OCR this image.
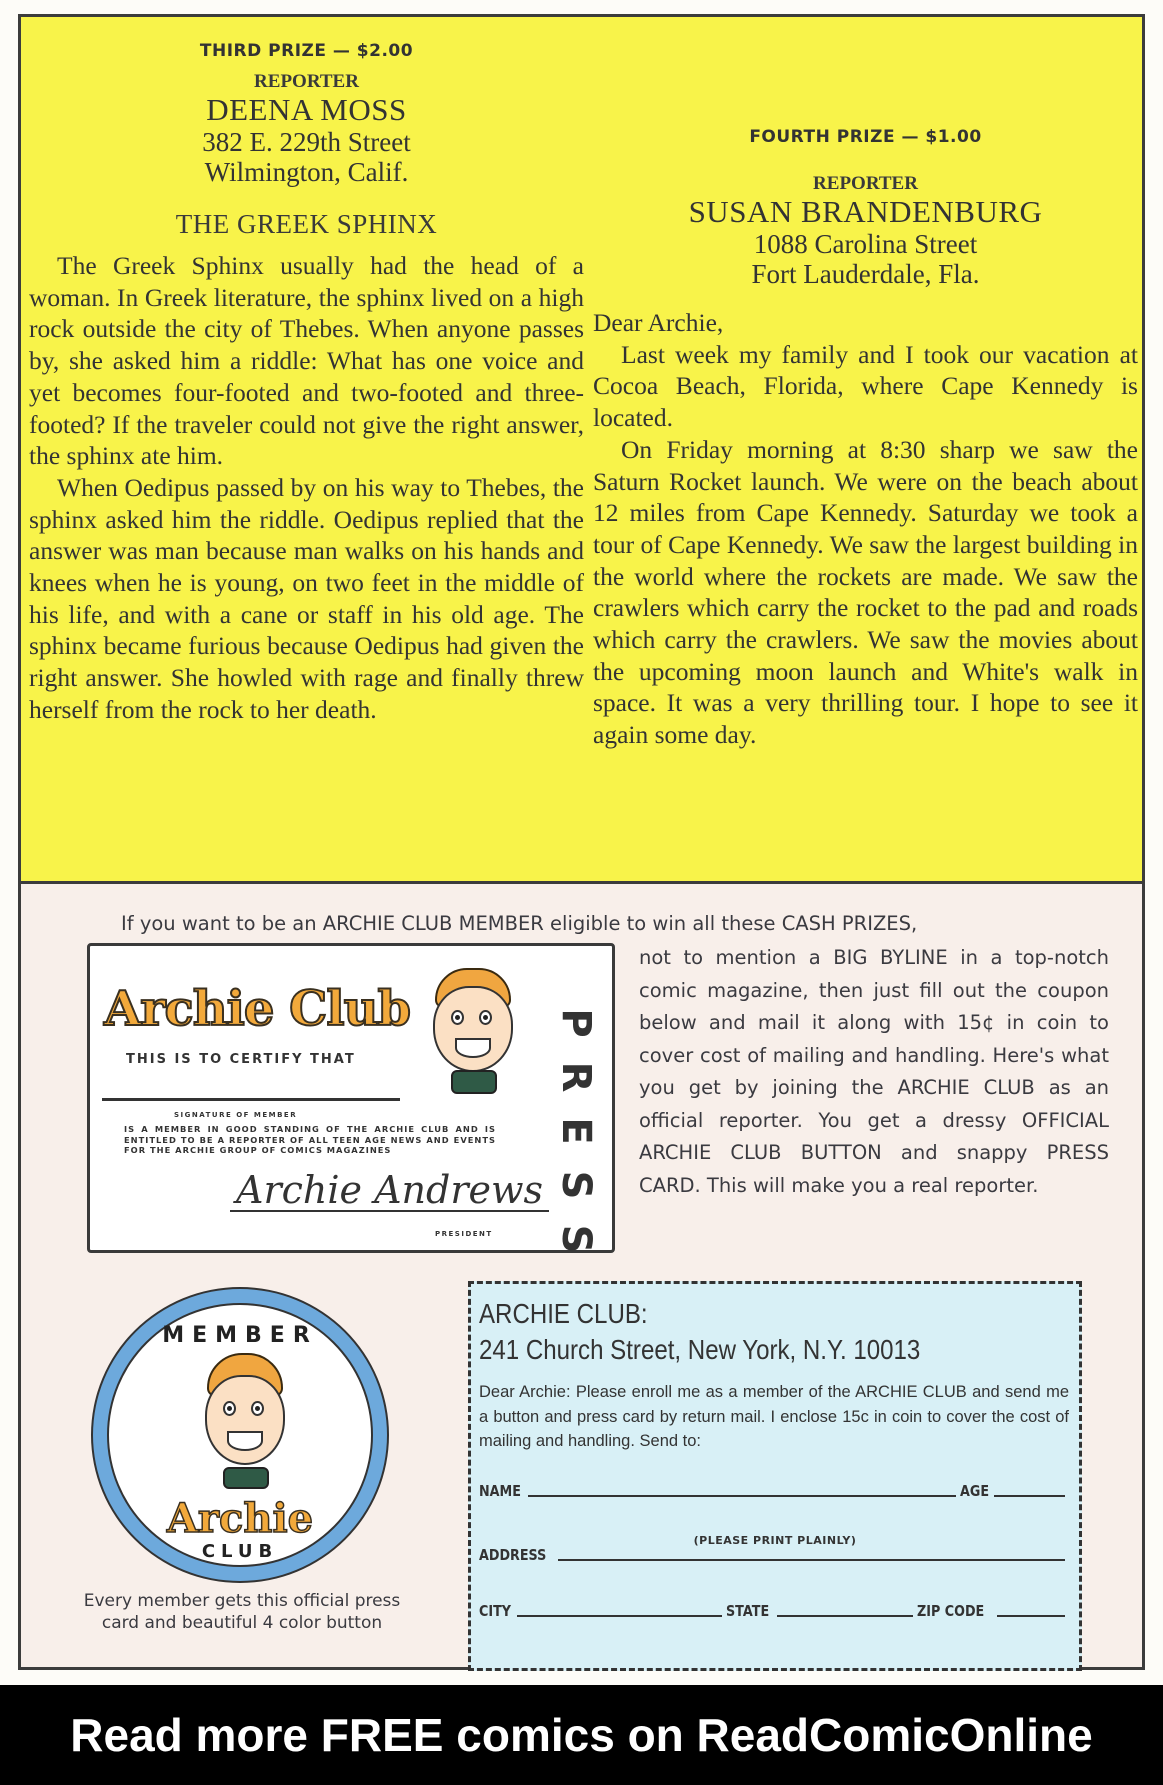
THIRD PRIZE — $2.00
REPORTER
DEENA MOSS
382 E. 229th Street
Wilmington, Calif.
THE GREEK SPHINX

The Greek Sphinx usually had the head of a woman. In Greek literature, the sphinx lived on a high rock outside the city of Thebes. When anyone passes by, she asked him a riddle: What has one voice and yet becomes four-footed and two-footed and three-footed? If the traveler could not give the right answer, the sphinx ate him.

When Oedipus passed by on his way to Thebes, the sphinx asked him the riddle. Oedipus replied that the answer was man because man walks on his hands and knees when he is young, on two feet in the middle of his life, and with a cane or staff in his old age. The sphinx became furious because Oedipus had given the right answer. She howled with rage and finally threw herself from the rock to her death.

FOURTH PRIZE — $1.00
REPORTER
SUSAN BRANDENBURG
1088 Carolina Street
Fort Lauderdale, Fla.

Dear Archie,

Last week my family and I took our vacation at Cocoa Beach, Florida, where Cape Kennedy is located.

On Friday morning at 8:30 sharp we saw the Saturn Rocket launch. We were on the beach about 12 miles from Cape Kennedy. Saturday we took a tour of Cape Kennedy. We saw the largest building in the world where the rockets are made. We saw the crawlers which carry the rocket to the pad and roads which carry the crawlers. We saw the movies about the upcoming moon launch and White's walk in space. It was a very thrilling tour. I hope to see it again some day.

If you want to be an ARCHIE CLUB MEMBER eligible to win all these CASH PRIZES,
not to mention a BIG BYLINE in a top-notch comic magazine, then just fill out the coupon below and mail it along with 15¢ in coin to cover cost of mailing and handling. Here's what you get by joining the ARCHIE CLUB as an official reporter. You get a dressy OFFICIAL ARCHIE CLUB BUTTON and snappy PRESS CARD. This will make you a real reporter.
Archie Club
THIS IS TO CERTIFY THAT
SIGNATURE OF MEMBER
IS A MEMBER IN GOOD STANDING OF THE ARCHIE CLUB AND IS ENTITLED TO BE A REPORTER OF ALL TEEN AGE NEWS AND EVENTS FOR THE ARCHIE GROUP OF COMICS MAGAZINES
Archie Andrews
PRESIDENT
P
R
E
S
S
MEMBER
Archie
CLUB
Every member gets this official press
card and beautiful 4 color button
ARCHIE CLUB:
241 Church Street, New York, N.Y. 10013
Dear Archie: Please enroll me as a member of the ARCHIE CLUB and send me a button and press card by return mail. I enclose 15c in coin to cover the cost of mailing and handling. Send to:
NAME	AGE
(PLEASE PRINT PLAINLY)
ADDRESS
CITY	STATE	ZIP CODE
Read more FREE comics on ReadComicOnline
